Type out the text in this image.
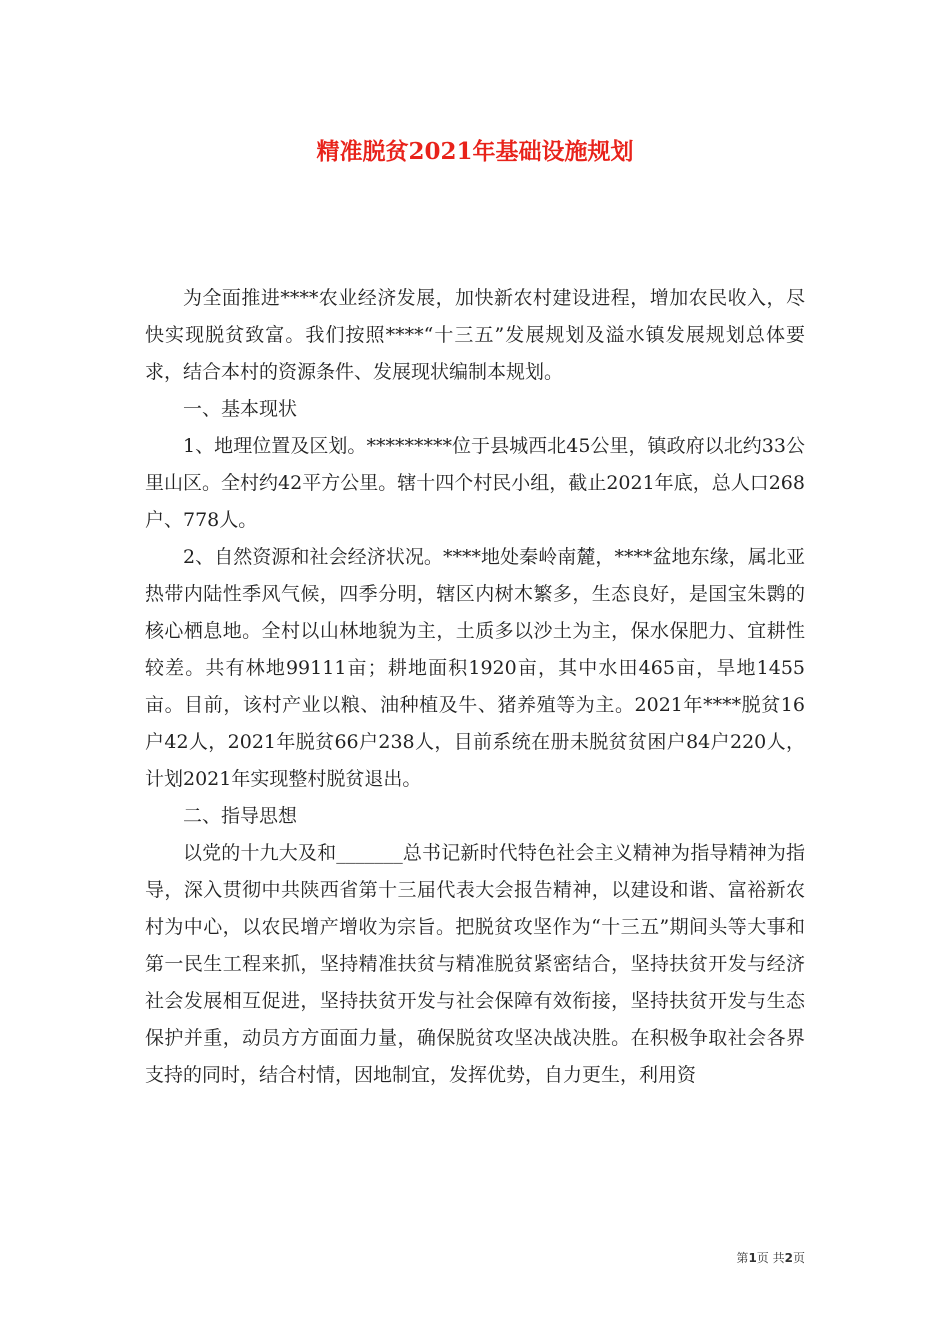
精准脱贫2021年基础设施规划

为全面推进****农业经济发展，加快新农村建设进程，增加农民收入，尽快实现脱贫致富。我们按照****“十三五”发展规划及溢水镇发展规划总体要求，结合本村的资源条件、发展现状编制本规划。

一、基本现状

1、地理位置及区划。*********位于县城西北45公里，镇政府以北约33公里山区。全村约42平方公里。辖十四个村民小组，截止2021年底，总人口268户、778人。

2、自然资源和社会经济状况。****地处秦岭南麓，****盆地东缘，属北亚热带内陆性季风气候，四季分明，辖区内树木繁多，生态良好，是国宝朱鹮的核心栖息地。全村以山林地貌为主，土质多以沙土为主，保水保肥力、宜耕性较差。共有林地99111亩；耕地面积1920亩，其中水田465亩，旱地1455亩。目前，该村产业以粮、油种植及牛、猪养殖等为主。2021年****脱贫16户42人，2021年脱贫66户238人，目前系统在册未脱贫贫困户84户220人，计划2021年实现整村脱贫退出。

二、指导思想

以党的十九大及和_______总书记新时代特色社会主义精神为指导精神为指导，深入贯彻中共陕西省第十三届代表大会报告精神，以建设和谐、富裕新农村为中心，以农民增产增收为宗旨。把脱贫攻坚作为“十三五”期间头等大事和第一民生工程来抓，坚持精准扶贫与精准脱贫紧密结合，坚持扶贫开发与经济社会发展相互促进，坚持扶贫开发与社会保障有效衔接，坚持扶贫开发与生态保护并重，动员方方面面力量，确保脱贫攻坚决战决胜。在积极争取社会各界支持的同时，结合村情，因地制宜，发挥优势，自力更生，利用资

第1页 共2页
